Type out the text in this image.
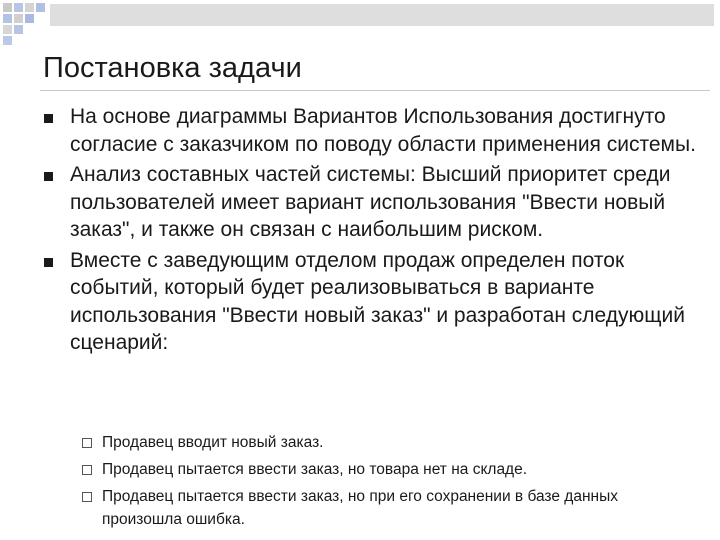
Постановка задачи
На основе диаграммы Вариантов Использования достигнуто согласие с заказчиком по поводу области применения системы.
Анализ составных частей системы: Высший приоритет среди пользователей имеет вариант использования "Ввести новый заказ", и также он связан с наибольшим риском.
Вместе с заведующим отделом продаж определен поток событий, который будет реализовываться в варианте использования "Ввести новый заказ" и разработан следующий сценарий:
Продавец вводит новый заказ.
Продавец пытается ввести заказ, но товара нет на складе.
Продавец пытается ввести заказ, но при его сохранении в базе данных произошла ошибка.
